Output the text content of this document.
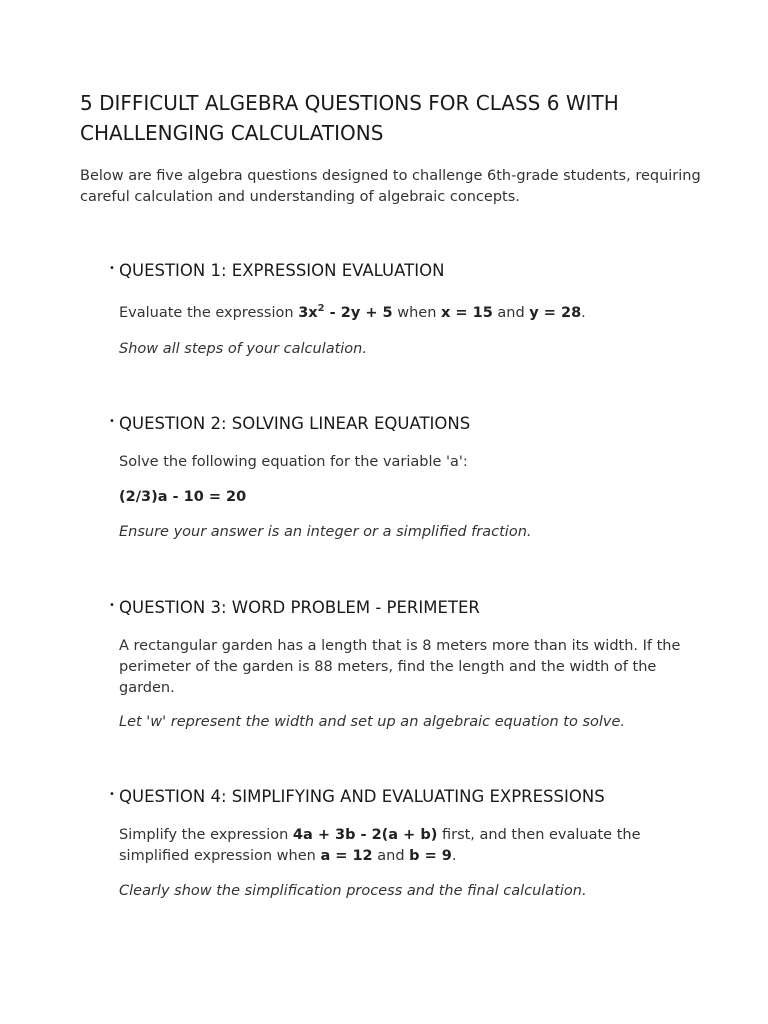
5 DIFFICULT ALGEBRA QUESTIONS FOR CLASS 6 WITH CHALLENGING CALCULATIONS

Below are five algebra questions designed to challenge 6th-grade students, requiring careful calculation and understanding of algebraic concepts.

• QUESTION 1: EXPRESSION EVALUATION

Evaluate the expression $3x^2 - 2y + 5$ when x = 15 and y = 28.

Show all steps of your calculation.

• QUESTION 2: SOLVING LINEAR EQUATIONS

Solve the following equation for the variable 'a':

(2/3)a - 10 = 20

Ensure your answer is an integer or a simplified fraction.

• QUESTION 3: WORD PROBLEM - PERIMETER

A rectangular garden has a length that is 8 meters more than its width. If the perimeter of the garden is 88 meters, find the length and the width of the garden.

Let 'w' represent the width and set up an algebraic equation to solve.

• QUESTION 4: SIMPLIFYING AND EVALUATING EXPRESSIONS

Simplify the expression 4a + 3b - 2(a + b) first, and then evaluate the simplified expression when a = 12 and b = 9.

Clearly show the simplification process and the final calculation.
